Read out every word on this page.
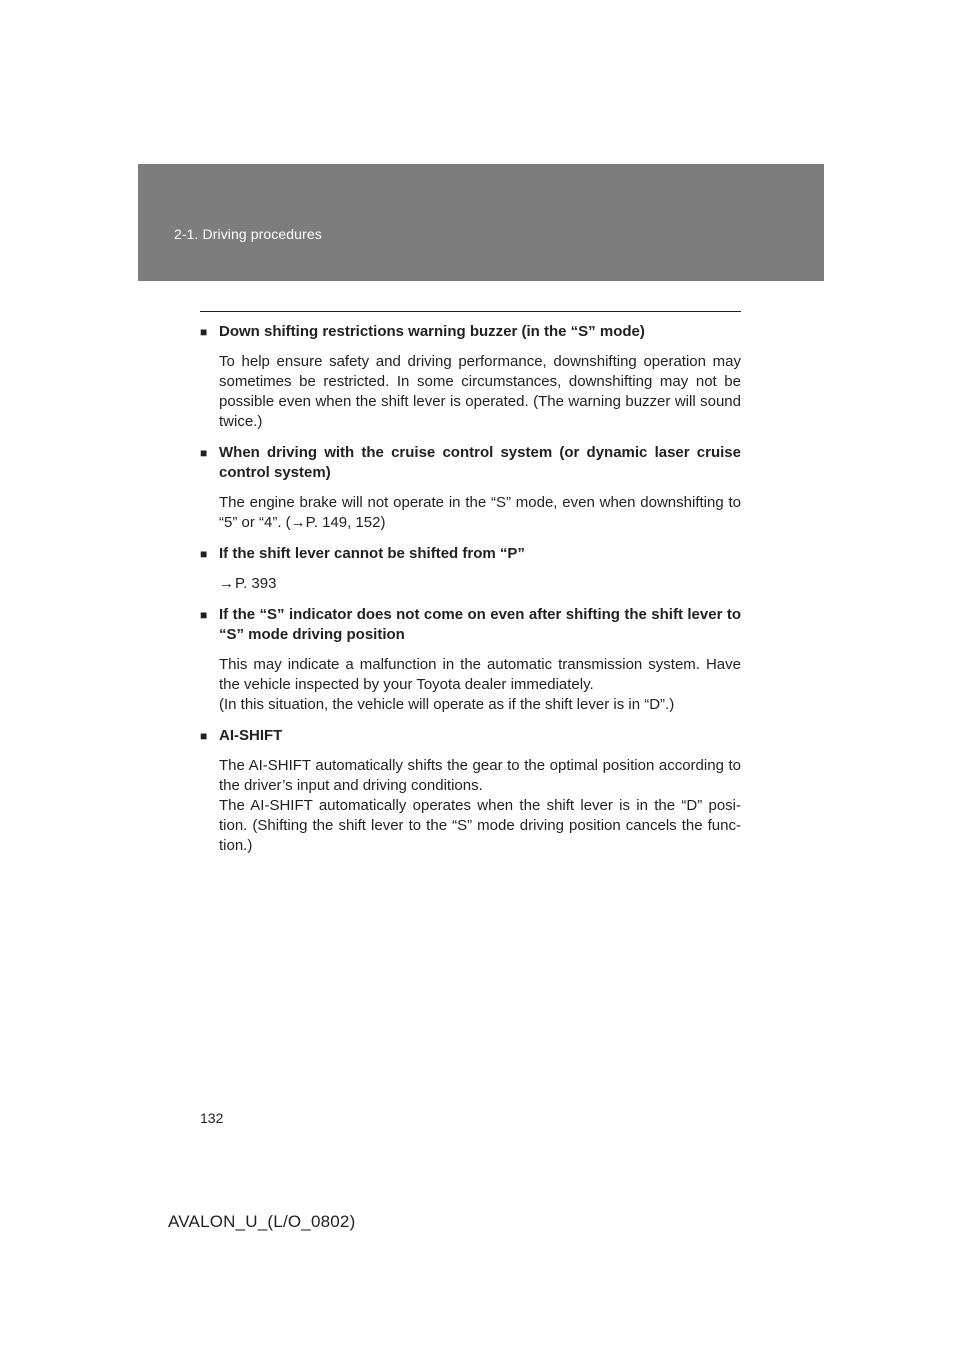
2-1. Driving procedures
■ Down shifting restrictions warning buzzer (in the “S” mode)

To help ensure safety and driving performance, downshifting operation may sometimes be restricted. In some circumstances, downshifting may not be possible even when the shift lever is operated. (The warning buzzer will sound twice.)

■ When driving with the cruise control system (or dynamic laser cruise control system)

The engine brake will not operate in the “S” mode, even when downshifting to “5” or “4”. (→P. 149, 152)

■ If the shift lever cannot be shifted from “P”
→P. 393
■ If the “S” indicator does not come on even after shifting the shift lever to “S” mode driving position

This may indicate a malfunction in the automatic transmission system. Have the vehicle inspected by your Toyota dealer immediately.

(In this situation, the vehicle will operate as if the shift lever is in “D”.)

■ AI-SHIFT

The AI-SHIFT automatically shifts the gear to the optimal position according to the driver’s input and driving conditions.

The AI-SHIFT automatically operates when the shift lever is in the “D” posi-tion. (Shifting the shift lever to the “S” mode driving position cancels the func-tion.)

132
AVALON_U_(L/O_0802)
